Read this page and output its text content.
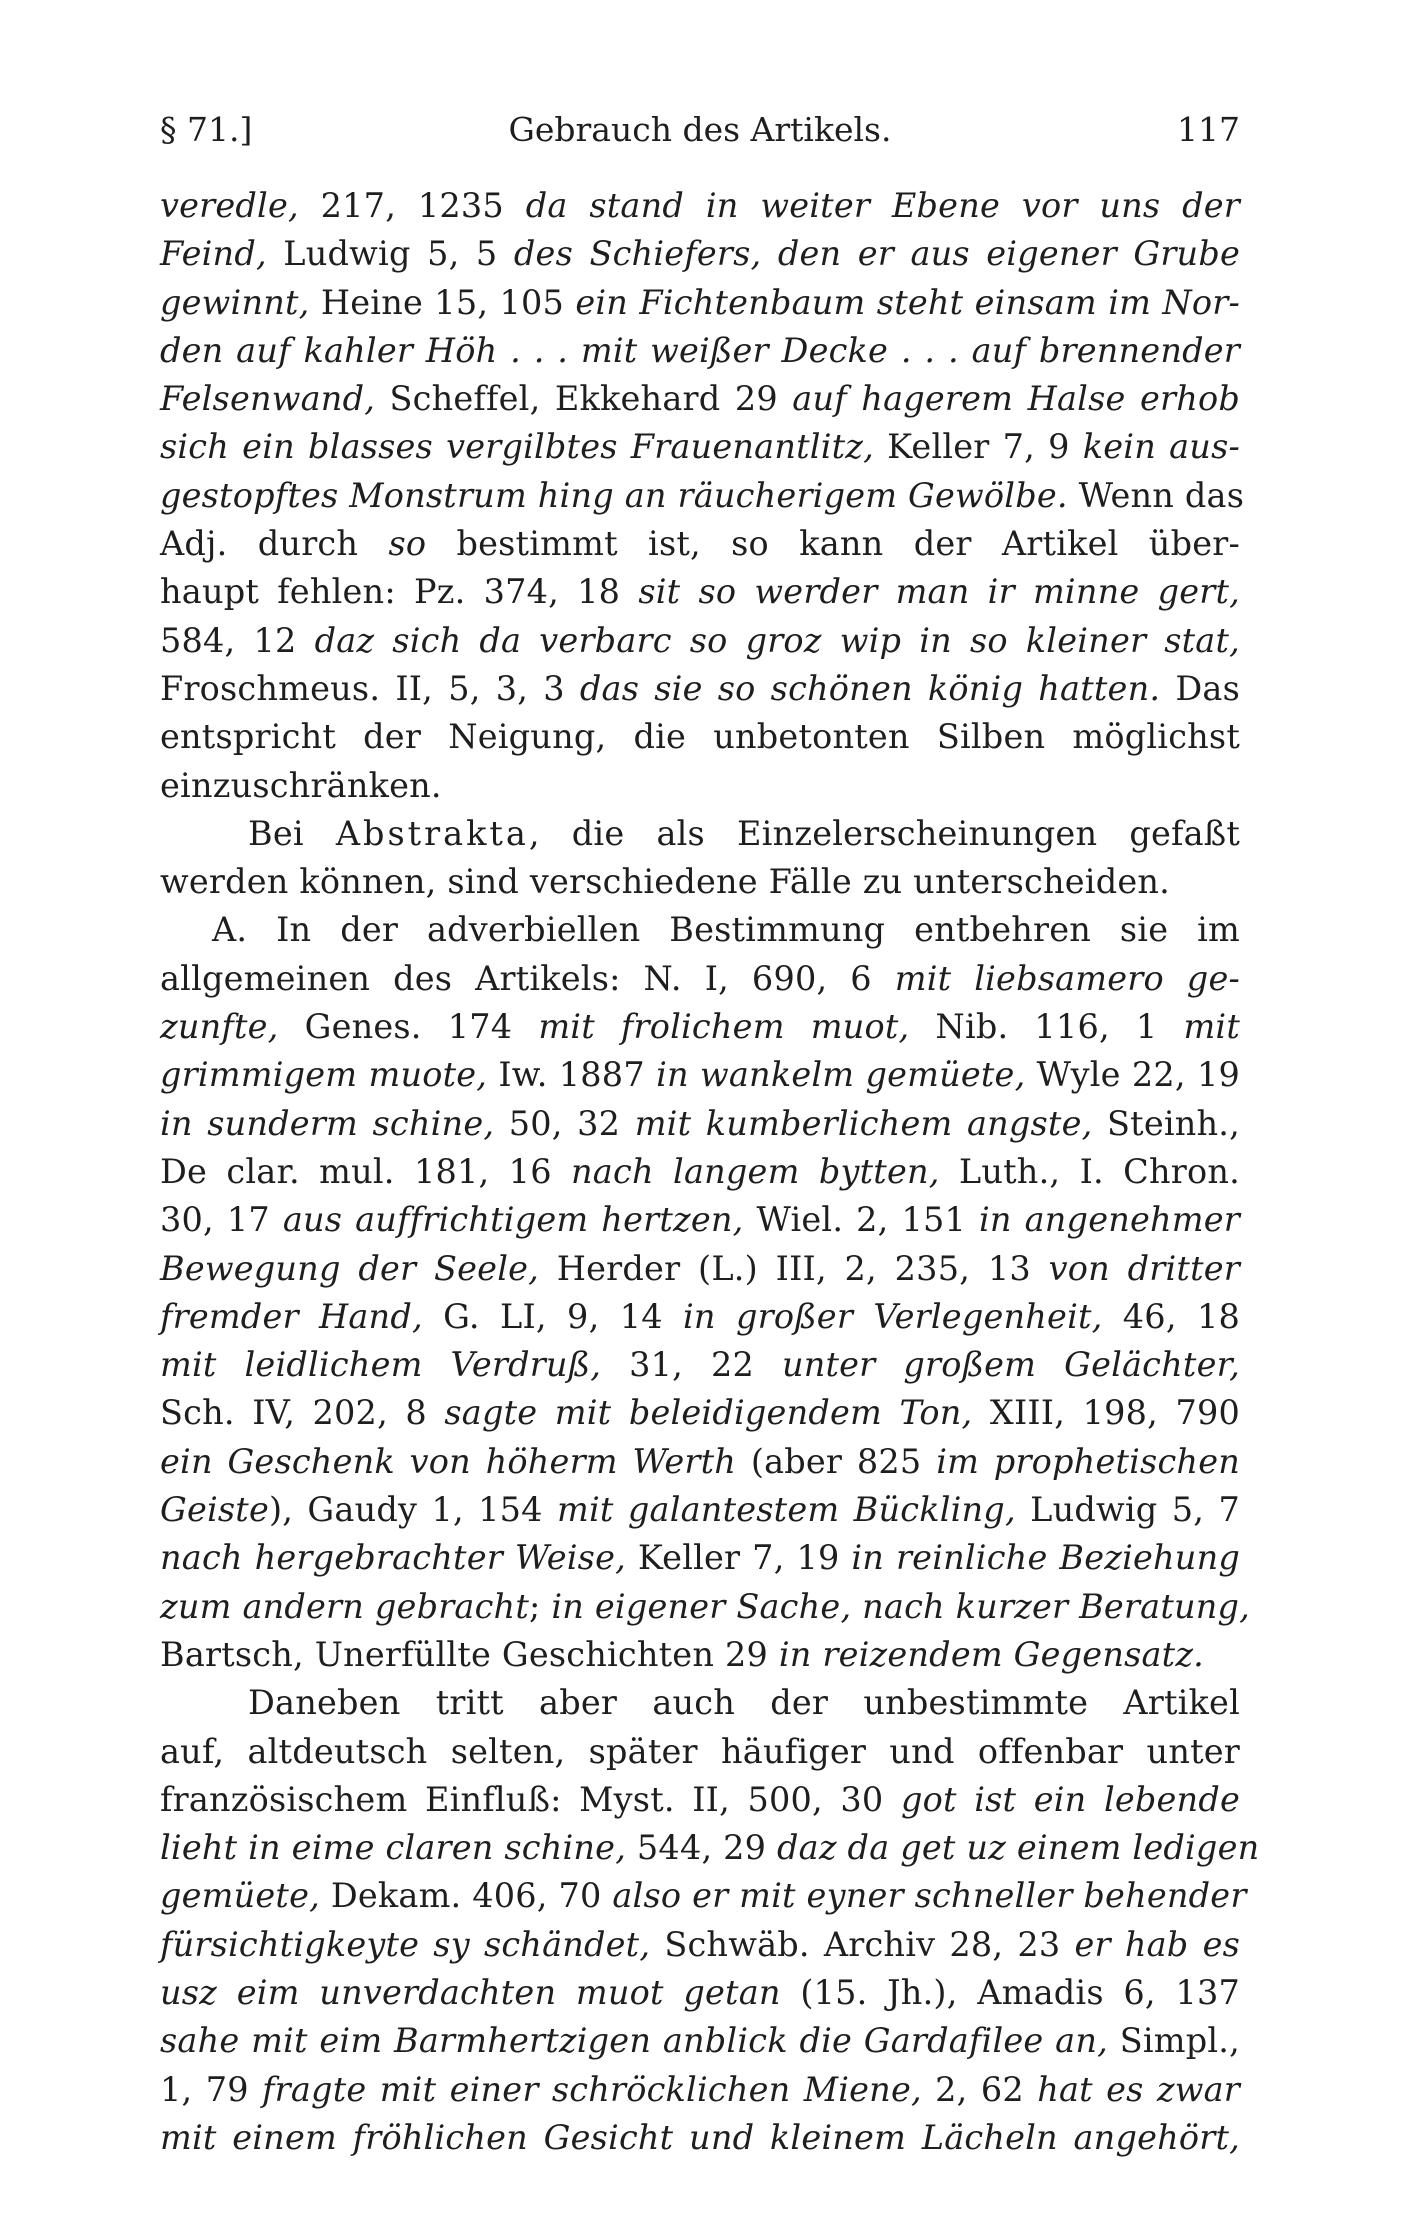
§ 71.]	Gebrauch des Artikels.	117
veredle, 217, 1235 da stand in weiter Ebene vor uns der
Feind, Ludwig 5, 5 des Schiefers, den er aus eigener Grube
gewinnt, Heine 15, 105 ein Fichtenbaum steht einsam im Nor-
den auf kahler Höh . . . mit weißer Decke . . . auf brennender
Felsenwand, Scheffel, Ekkehard 29 auf hagerem Halse erhob
sich ein blasses vergilbtes Frauenantlitz, Keller 7, 9 kein aus-
gestopftes Monstrum hing an räucherigem Gewölbe. Wenn das
Adj. durch so bestimmt ist, so kann der Artikel über-
haupt fehlen: Pz. 374, 18 sit so werder man ir minne gert,
584, 12 daz sich da verbarc so groz wip in so kleiner stat,
Froschmeus. II, 5, 3, 3 das sie so schönen könig hatten. Das
entspricht der Neigung, die unbetonten Silben möglichst
einzuschränken.
Bei Abstrakta, die als Einzelerscheinungen gefaßt
werden können, sind verschiedene Fälle zu unterscheiden.
A. In der adverbiellen Bestimmung entbehren sie im
allgemeinen des Artikels: N. I, 690, 6 mit liebsamero ge-
zunfte, Genes. 174 mit frolichem muot, Nib. 116, 1 mit
grimmigem muote, Iw. 1887 in wankelm gemüete, Wyle 22, 19
in sunderm schine, 50, 32 mit kumberlichem angste, Steinh.,
De clar. mul. 181, 16 nach langem bytten, Luth., I. Chron.
30, 17 aus auffrichtigem hertzen, Wiel. 2, 151 in angenehmer
Bewegung der Seele, Herder (L.) III, 2, 235, 13 von dritter
fremder Hand, G. LI, 9, 14 in großer Verlegenheit, 46, 18
mit leidlichem Verdruß, 31, 22 unter großem Gelächter,
Sch. IV, 202, 8 sagte mit beleidigendem Ton, XIII, 198, 790
ein Geschenk von höherm Werth (aber 825 im prophetischen
Geiste), Gaudy 1, 154 mit galantestem Bückling, Ludwig 5, 7
nach hergebrachter Weise, Keller 7, 19 in reinliche Beziehung
zum andern gebracht; in eigener Sache, nach kurzer Beratung,
Bartsch, Unerfüllte Geschichten 29 in reizendem Gegensatz.
Daneben tritt aber auch der unbestimmte Artikel
auf, altdeutsch selten, später häufiger und offenbar unter
französischem Einfluß: Myst. II, 500, 30 got ist ein lebende
lieht in eime claren schine, 544, 29 daz da get uz einem ledigen
gemüete, Dekam. 406, 70 also er mit eyner schneller behender
fürsichtigkeyte sy schändet, Schwäb. Archiv 28, 23 er hab es
usz eim unverdachten muot getan (15. Jh.), Amadis 6, 137
sahe mit eim Barmhertzigen anblick die Gardafilee an, Simpl.,
1, 79 fragte mit einer schröcklichen Miene, 2, 62 hat es zwar
mit einem fröhlichen Gesicht und kleinem Lächeln angehört,
